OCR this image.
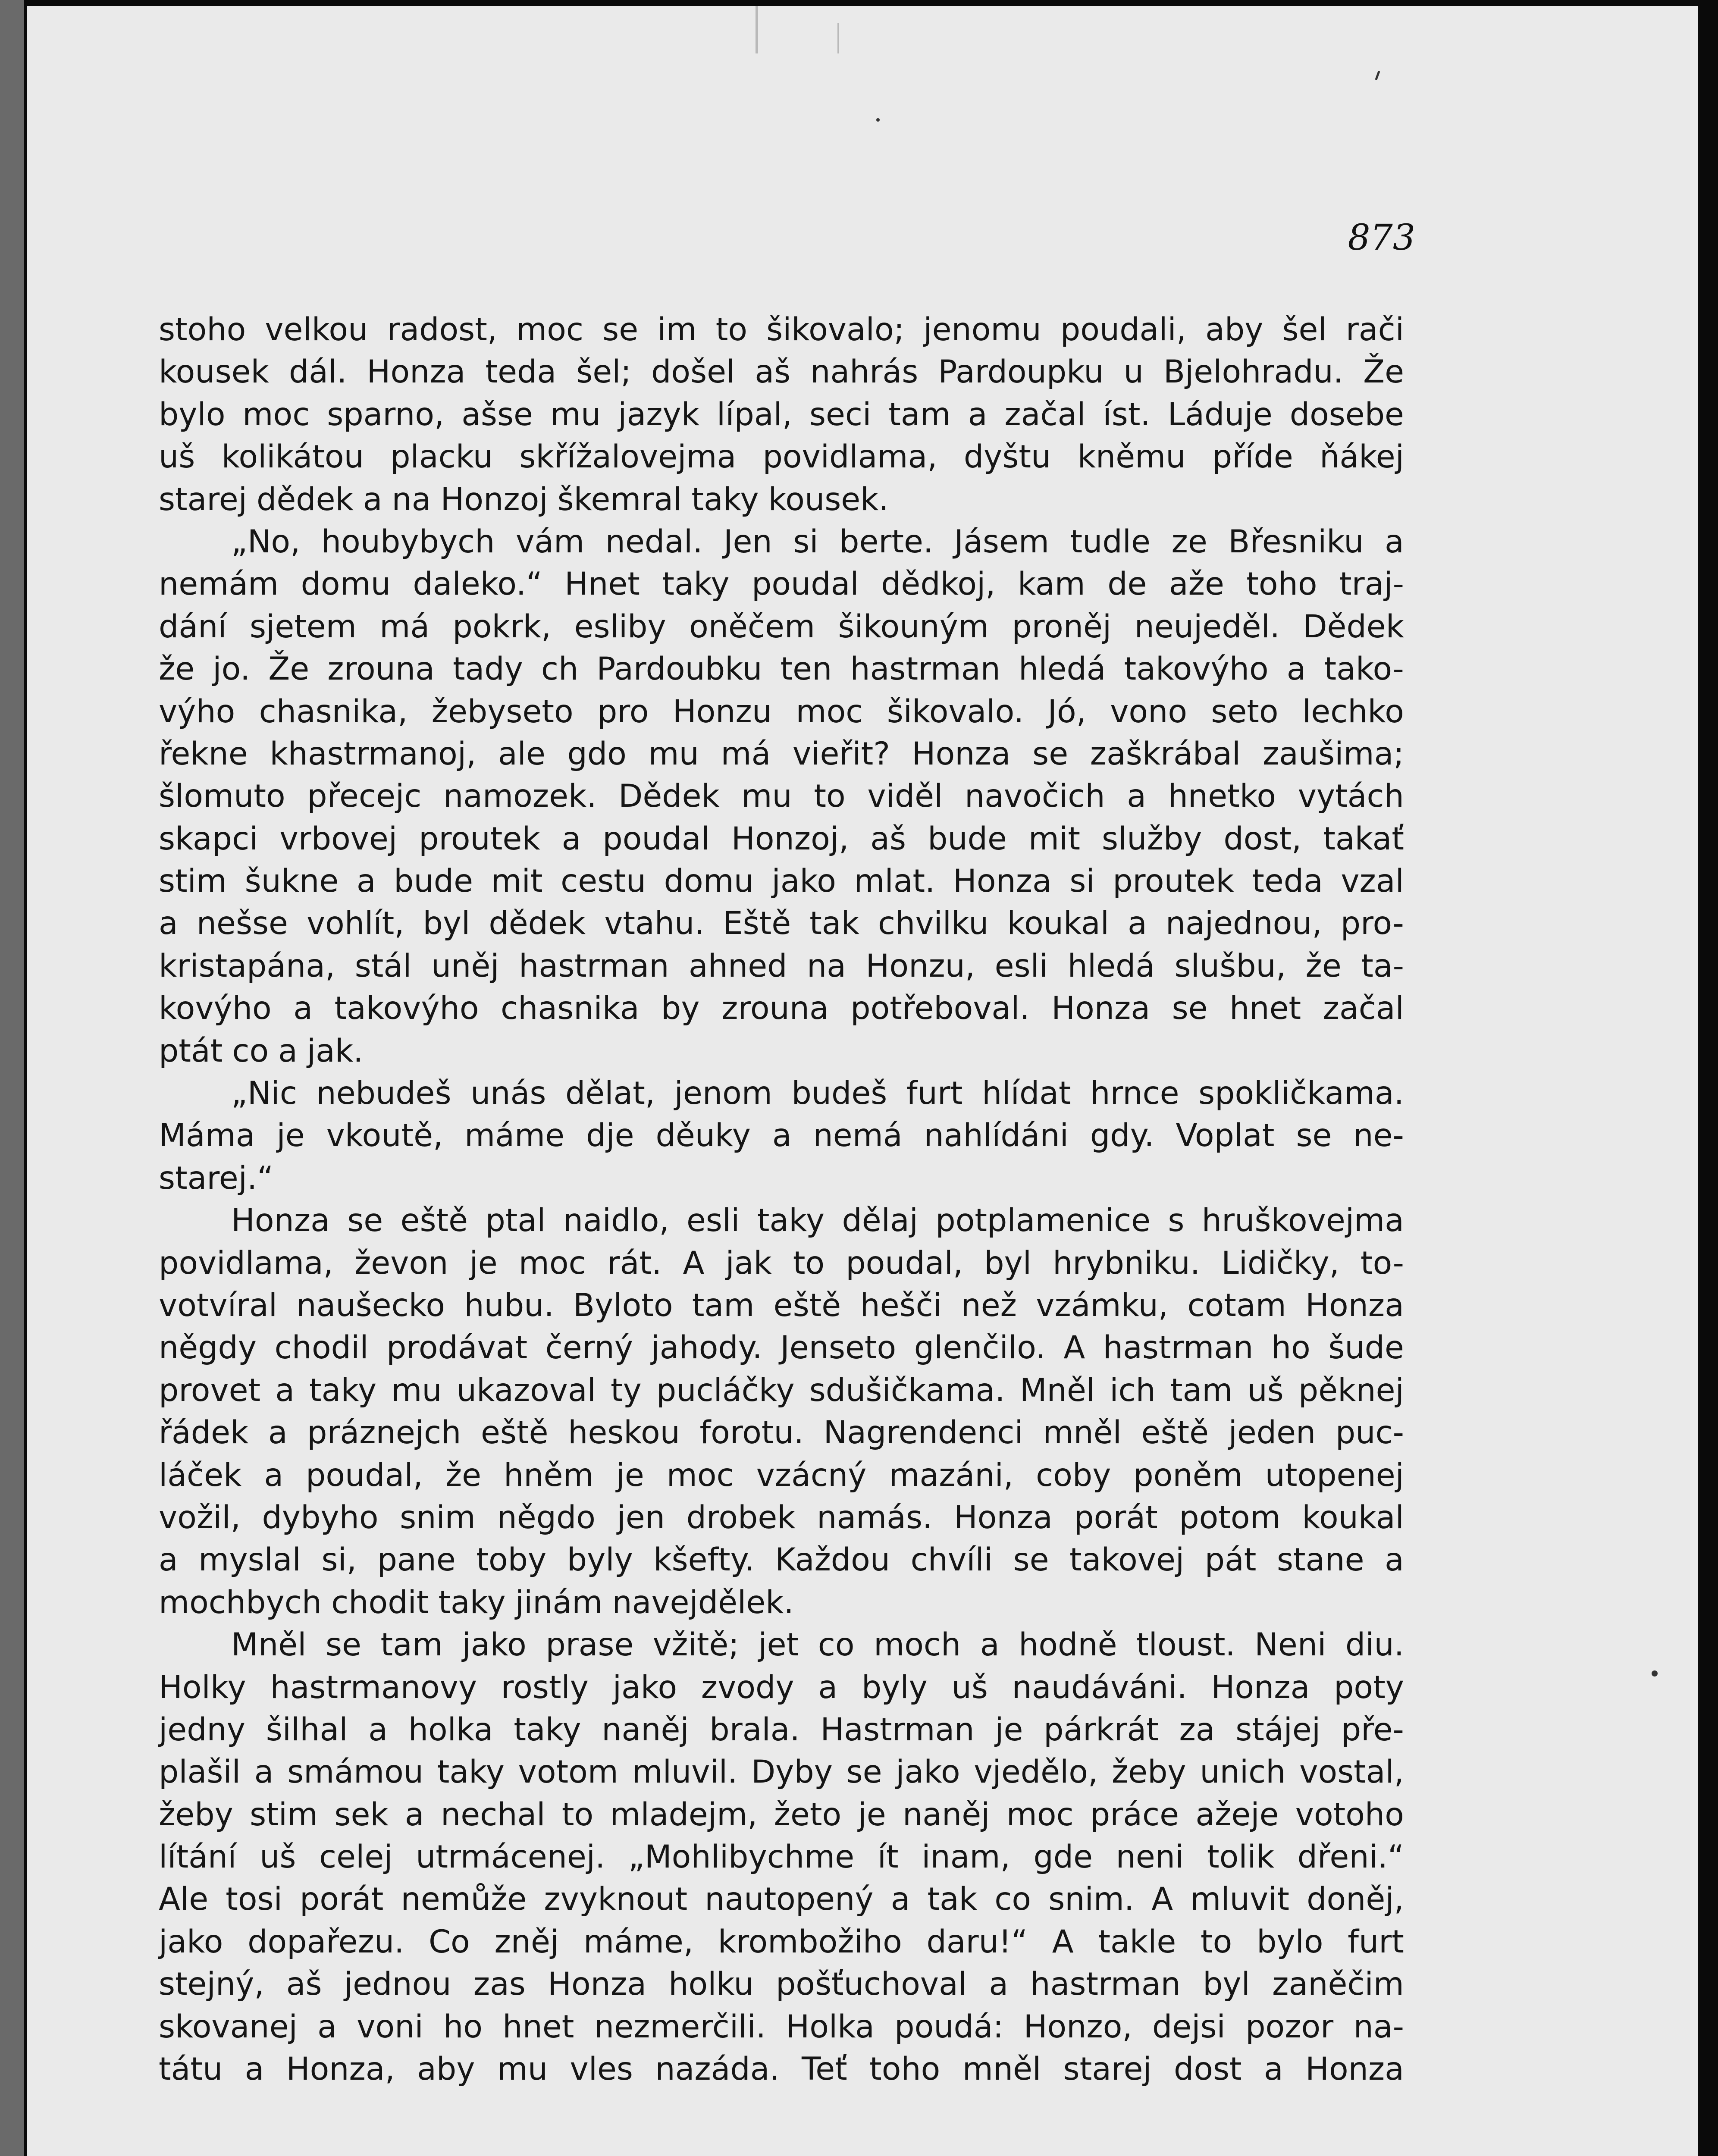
873

stoho velkou radost, moc se im to šikovalo; jenomu poudali, aby šel rači
kousek dál. Honza teda šel; došel aš nahrás Pardoupku u Bjelohradu. Že
bylo moc sparno, ašse mu jazyk lípal, seci tam a začal íst. Láduje dosebe
uš kolikátou placku skřížalovejma povidlama, dyštu kněmu příde ňákej
starej dědek a na Honzoj škemral taky kousek.
„No, houbybych vám nedal. Jen si berte. Jásem tudle ze Břesniku a
nemám domu daleko.“ Hnet taky poudal dědkoj, kam de aže toho traj-
dání sjetem má pokrk, esliby oněčem šikouným proněj neujeděl. Dědek
že jo. Že zrouna tady ch Pardoubku ten hastrman hledá takovýho a tako-
výho chasnika, žebyseto pro Honzu moc šikovalo. Jó, vono seto lechko
řekne khastrmanoj, ale gdo mu má vieřit? Honza se zaškrábal zaušima;
šlomuto přecejc namozek. Dědek mu to viděl navočich a hnetko vytách
skapci vrbovej proutek a poudal Honzoj, aš bude mit služby dost, takať
stim šukne a bude mit cestu domu jako mlat. Honza si proutek teda vzal
a nešse vohlít, byl dědek vtahu. Eště tak chvilku koukal a najednou, pro-
kristapána, stál uněj hastrman ahned na Honzu, esli hledá slušbu, že ta-
kovýho a takovýho chasnika by zrouna potřeboval. Honza se hnet začal
ptát co a jak.
„Nic nebudeš unás dělat, jenom budeš furt hlídat hrnce spokličkama.
Máma je vkoutě, máme dje děuky a nemá nahlídáni gdy. Voplat se ne-
starej.“
Honza se eště ptal naidlo, esli taky dělaj potplamenice s hruškovejma
povidlama, ževon je moc rát. A jak to poudal, byl hrybniku. Lidičky, to-
votvíral naušecko hubu. Byloto tam eště hešči než vzámku, cotam Honza
něgdy chodil prodávat černý jahody. Jenseto glenčilo. A hastrman ho šude
provet a taky mu ukazoval ty pucláčky sdušičkama. Mněl ich tam uš pěknej
řádek a práznejch eště heskou forotu. Nagrendenci mněl eště jeden puc-
láček a poudal, že hněm je moc vzácný mazáni, coby poněm utopenej
vožil, dybyho snim něgdo jen drobek namás. Honza porát potom koukal
a myslal si, pane toby byly kšefty. Každou chvíli se takovej pát stane a
mochbych chodit taky jinám navejdělek.
Mněl se tam jako prase vžitě; jet co moch a hodně tloust. Neni diu.
Holky hastrmanovy rostly jako zvody a byly uš naudáváni. Honza poty
jedny šilhal a holka taky naněj brala. Hastrman je párkrát za stájej pře-
plašil a smámou taky votom mluvil. Dyby se jako vjedělo, žeby unich vostal,
žeby stim sek a nechal to mladejm, žeto je naněj moc práce ažeje votoho
lítání uš celej utrmácenej. „Mohlibychme ít inam, gde neni tolik dřeni.“
Ale tosi porát nemůže zvyknout nautopený a tak co snim. A mluvit doněj,
jako dopařezu. Co zněj máme, krombožiho daru!“ A takle to bylo furt
stejný, aš jednou zas Honza holku pošťuchoval a hastrman byl zaněčim
skovanej a voni ho hnet nezmerčili. Holka poudá: Honzo, dejsi pozor na-
tátu a Honza, aby mu vles nazáda. Teť toho mněl starej dost a Honza
